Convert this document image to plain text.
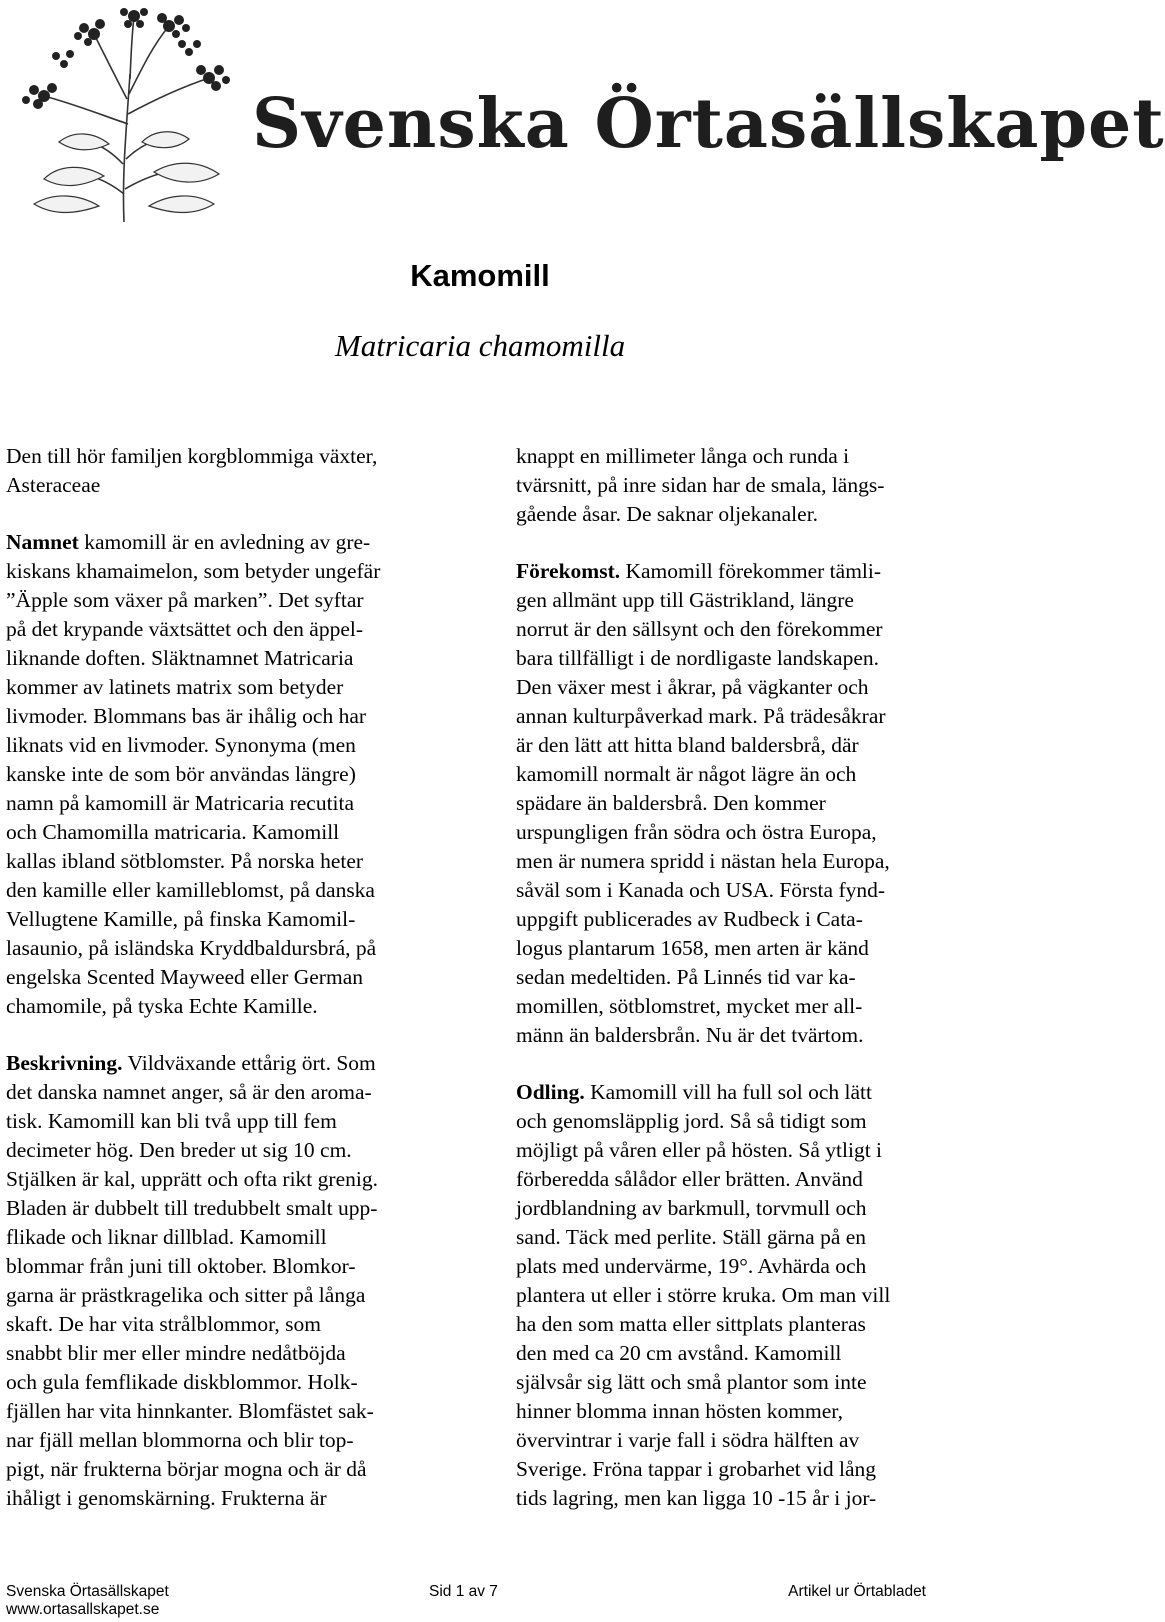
Svenska Örtasällskapet
Kamomill
Matricaria chamomilla
Den till hör familjen korgblommiga växter,
Asteraceae
Namnet kamomill är en avledning av gre-
kiskans khamaimelon, som betyder ungefär
”Äpple som växer på marken”. Det syftar
på det krypande växtsättet och den äppel-
liknande doften. Släktnamnet Matricaria
kommer av latinets matrix som betyder
livmoder. Blommans bas är ihålig och har
liknats vid en livmoder. Synonyma (men
kanske inte de som bör användas längre)
namn på kamomill är Matricaria recutita
och Chamomilla matricaria. Kamomill
kallas ibland sötblomster. På norska heter
den kamille eller kamilleblomst, på danska
Vellugtene Kamille, på finska Kamomil-
lasaunio, på isländska Kryddbaldursbrá, på
engelska Scented Mayweed eller German
chamomile, på tyska Echte Kamille.
Beskrivning. Vildväxande ettårig ört. Som
det danska namnet anger, så är den aroma-
tisk. Kamomill kan bli två upp till fem
decimeter hög. Den breder ut sig 10 cm.
Stjälken är kal, upprätt och ofta rikt grenig.
Bladen är dubbelt till tredubbelt smalt upp-
flikade och liknar dillblad. Kamomill
blommar från juni till oktober. Blomkor-
garna är prästkragelika och sitter på långa
skaft. De har vita strålblommor, som
snabbt blir mer eller mindre nedåtböjda
och gula femflikade diskblommor. Holk-
fjällen har vita hinnkanter. Blomfästet sak-
nar fjäll mellan blommorna och blir top-
pigt, när frukterna börjar mogna och är då
ihåligt i genomskärning. Frukterna är
knappt en millimeter långa och runda i
tvärsnitt, på inre sidan har de smala, längs-
gående åsar. De saknar oljekanaler.
Förekomst. Kamomill förekommer tämli-
gen allmänt upp till Gästrikland, längre
norrut är den sällsynt och den förekommer
bara tillfälligt i de nordligaste landskapen.
Den växer mest i åkrar, på vägkanter och
annan kulturpåverkad mark. På trädesåkrar
är den lätt att hitta bland baldersbrå, där
kamomill normalt är något lägre än och
spädare än baldersbrå. Den kommer
urspungligen från södra och östra Europa,
men är numera spridd i nästan hela Europa,
såväl som i Kanada och USA. Första fynd-
uppgift publicerades av Rudbeck i Cata-
logus plantarum 1658, men arten är känd
sedan medeltiden. På Linnés tid var ka-
momillen, sötblomstret, mycket mer all-
männ än baldersbrån. Nu är det tvärtom.
Odling. Kamomill vill ha full sol och lätt
och genomsläpplig jord. Så så tidigt som
möjligt på våren eller på hösten. Så ytligt i
förberedda sålådor eller brätten. Använd
jordblandning av barkmull, torvmull och
sand. Täck med perlite. Ställ gärna på en
plats med undervärme, 19°. Avhärda och
plantera ut eller i större kruka. Om man vill
ha den som matta eller sittplats planteras
den med ca 20 cm avstånd. Kamomill
självsår sig lätt och små plantor som inte
hinner blomma innan hösten kommer,
övervintrar i varje fall i södra hälften av
Sverige. Fröna tappar i grobarhet vid lång
tids lagring, men kan ligga 10 -15 år i jor-
Svenska Örtasällskapet	Sid 1 av 7	Artikel ur Örtabladet
www.ortasallskapet.se
